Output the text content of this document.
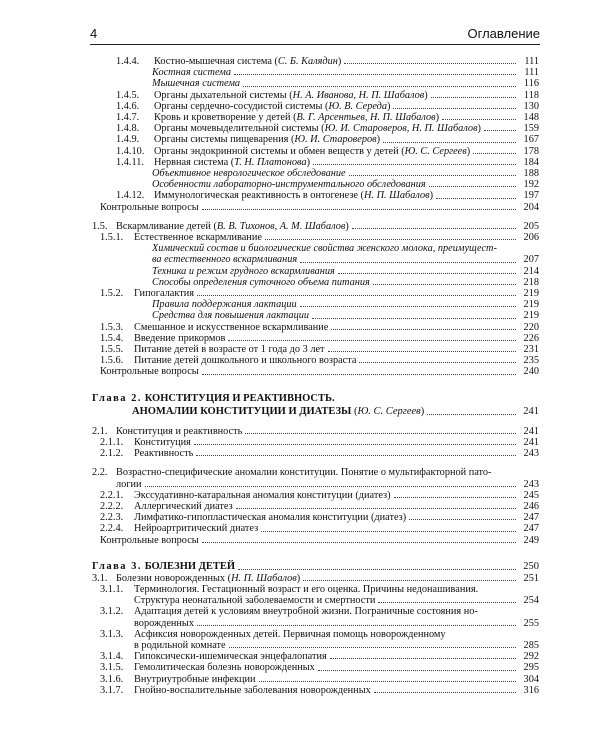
4	Оглавление
1.4.4. Костно-мышечная система (С. Б. Калядин)	111
Костная система	111
Мышечная система	116
1.4.5. Органы дыхательной системы (Н. А. Иванова, Н. П. Шабалов)	118
1.4.6. Органы сердечно-сосудистой системы (Ю. В. Середа)	130
1.4.7. Кровь и кроветворение у детей (В. Г. Арсентьев, Н. П. Шабалов)	148
1.4.8. Органы мочевыделительной системы (Ю. И. Староверов, Н. П. Шабалов)	159
1.4.9. Органы системы пищеварения (Ю. И. Староверов)	167
1.4.10. Органы эндокринной системы и обмен веществ у детей (Ю. С. Сергеев)	178
1.4.11. Нервная система (Т. Н. Платонова)	184
Объективное неврологическое обследование	188
Особенности лабораторно-инструментального обследования	192
1.4.12. Иммунологическая реактивность в онтогенезе (Н. П. Шабалов)	197
Контрольные вопросы	204
1.5. Вскармливание детей (В. В. Тихонов, А. М. Шабалов)	205
1.5.1. Естественное вскармливание	206
Химический состав и биологические свойства женского молока, преимущест-
ва естественного вскармливания	207
Техника и режим грудного вскармливания	214
Способы определения суточного объема питания	218
1.5.2. Гипогалактия	219
Правила поддержания лактации	219
Средства для повышения лактации	219
1.5.3. Смешанное и искусственное вскармливание	220
1.5.4. Введение прикормов	226
1.5.5. Питание детей в возрасте от 1 года до 3 лет	231
1.5.6. Питание детей дошкольного и школьного возраста	235
Контрольные вопросы	240
Глава 2. КОНСТИТУЦИЯ И РЕАКТИВНОСТЬ.
АНОМАЛИИ КОНСТИТУЦИИ И ДИАТЕЗЫ (Ю. С. Сергеев)	241
2.1. Конституция и реактивность	241
2.1.1. Конституция	241
2.1.2. Реактивность	243
2.2. Возрастно-специфические аномалии конституции. Понятие о мультифакторной пато-
логии	243
2.2.1. Экссудативно-катаральная аномалия конституции (диатез)	245
2.2.2. Аллергический диатез	246
2.2.3. Лимфатико-гипопластическая аномалия конституции (диатез)	247
2.2.4. Нейроартритический диатез	247
Контрольные вопросы	249
Глава 3. БОЛЕЗНИ ДЕТЕЙ	250
3.1. Болезни новорожденных (Н. П. Шабалов)	251
3.1.1. Терминология. Гестационный возраст и его оценка. Причины недонашивания.
Структура неонатальной заболеваемости и смертности	254
3.1.2. Адаптация детей к условиям внеутробной жизни. Пограничные состояния но-
ворожденных	255
3.1.3. Асфиксия новорожденных детей. Первичная помощь новорожденному
в родильной комнате	285
3.1.4. Гипоксически-ишемическая энцефалопатия	292
3.1.5. Гемолитическая болезнь новорожденных	295
3.1.6. Внутриутробные инфекции	304
3.1.7. Гнойно-воспалительные заболевания новорожденных	316
